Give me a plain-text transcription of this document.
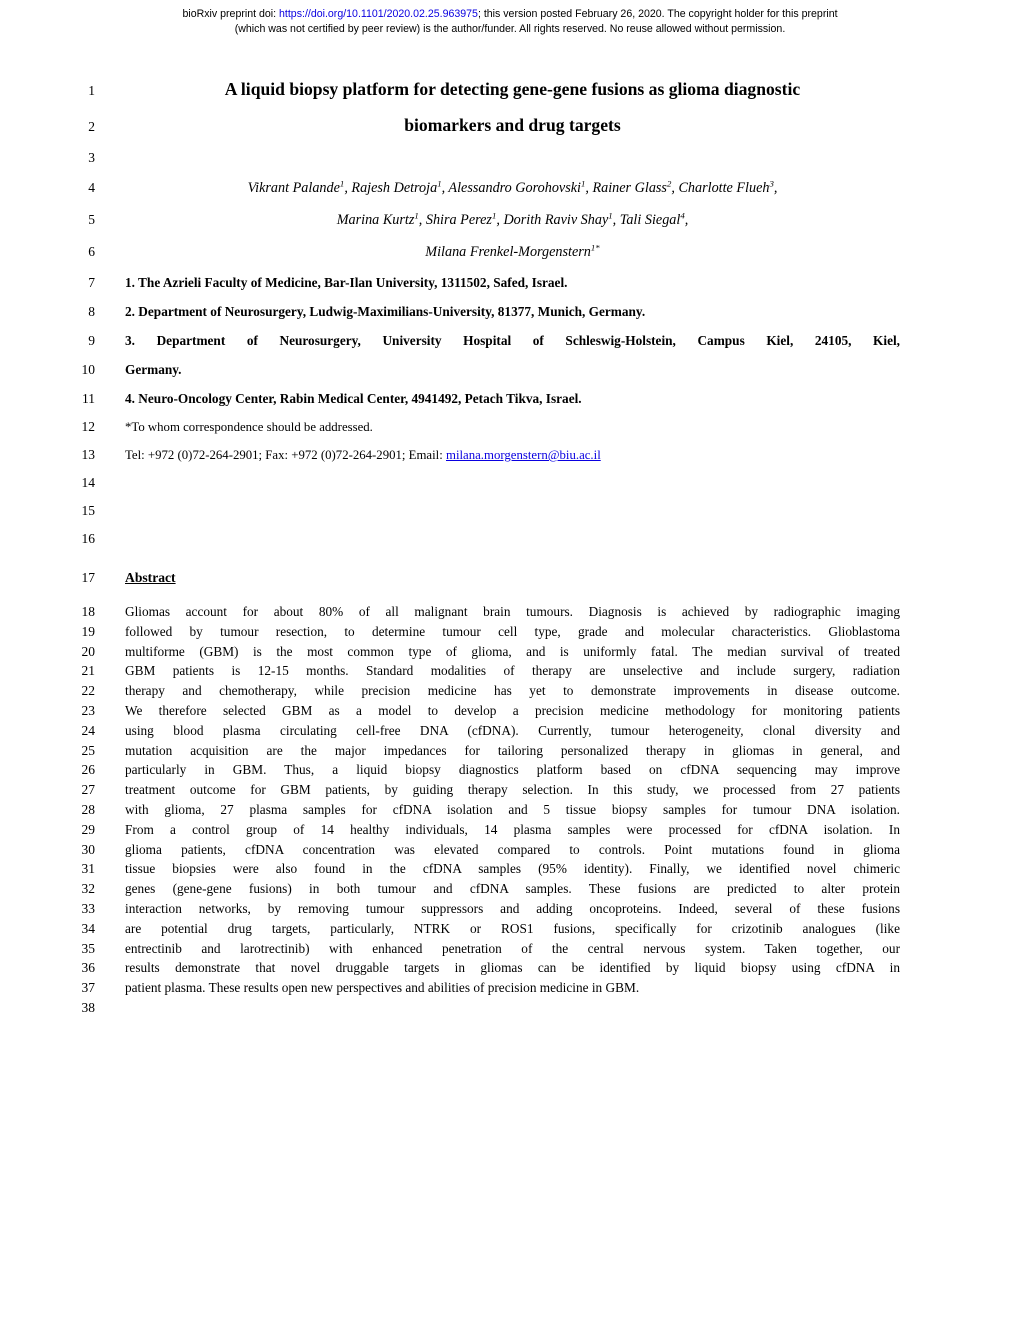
bioRxiv preprint doi: https://doi.org/10.1101/2020.02.25.963975; this version posted February 26, 2020. The copyright holder for this preprint
(which was not certified by peer review) is the author/funder. All rights reserved. No reuse allowed without permission.
1	A liquid biopsy platform for detecting gene-gene fusions as glioma diagnostic
2	biomarkers and drug targets
3
4	Vikrant Palande$^1$, Rajesh Detroja$^1$, Alessandro Gorohovski$^1$, Rainer Glass$^2$, Charlotte Flueh$^3$,
5	Marina Kurtz$^1$, Shira Perez$^1$, Dorith Raviv Shay$^1$, Tali Siegal$^4$,
6	Milana Frenkel-Morgenstern$^{1*}$
7 1. The Azrieli Faculty of Medicine, Bar-Ilan University, 1311502, Safed, Israel.
8 2. Department of Neurosurgery, Ludwig-Maximilians-University, 81377, Munich, Germany.
9 3. Department of Neurosurgery, University Hospital of Schleswig-Holstein, Campus Kiel, 24105, Kiel,
10 Germany.
11 4. Neuro-Oncology Center, Rabin Medical Center, 4941492, Petach Tikva, Israel.
12 *To whom correspondence should be addressed.
13 Tel: +972 (0)72-264-2901; Fax: +972 (0)72-264-2901; Email: milana.morgenstern@biu.ac.il
14
15
16
17 Abstract
18 Gliomas account for about 80% of all malignant brain tumours. Diagnosis is achieved by radiographic imaging
19 followed by tumour resection, to determine tumour cell type, grade and molecular characteristics. Glioblastoma
20 multiforme (GBM) is the most common type of glioma, and is uniformly fatal. The median survival of treated
21 GBM patients is 12-15 months. Standard modalities of therapy are unselective and include surgery, radiation
22 therapy and chemotherapy, while precision medicine has yet to demonstrate improvements in disease outcome.
23 We therefore selected GBM as a model to develop a precision medicine methodology for monitoring patients
24 using blood plasma circulating cell-free DNA (cfDNA). Currently, tumour heterogeneity, clonal diversity and
25 mutation acquisition are the major impedances for tailoring personalized therapy in gliomas in general, and
26 particularly in GBM. Thus, a liquid biopsy diagnostics platform based on cfDNA sequencing may improve
27 treatment outcome for GBM patients, by guiding therapy selection. In this study, we processed from 27 patients
28 with glioma, 27 plasma samples for cfDNA isolation and 5 tissue biopsy samples for tumour DNA isolation.
29 From a control group of 14 healthy individuals, 14 plasma samples were processed for cfDNA isolation. In
30 glioma patients, cfDNA concentration was elevated compared to controls. Point mutations found in glioma
31 tissue biopsies were also found in the cfDNA samples (95% identity). Finally, we identified novel chimeric
32 genes (gene-gene fusions) in both tumour and cfDNA samples. These fusions are predicted to alter protein
33 interaction networks, by removing tumour suppressors and adding oncoproteins. Indeed, several of these fusions
34 are potential drug targets, particularly, NTRK or ROS1 fusions, specifically for crizotinib analogues (like
35 entrectinib and larotrectinib) with enhanced penetration of the central nervous system. Taken together, our
36 results demonstrate that novel druggable targets in gliomas can be identified by liquid biopsy using cfDNA in
37 patient plasma. These results open new perspectives and abilities of precision medicine in GBM.
38
